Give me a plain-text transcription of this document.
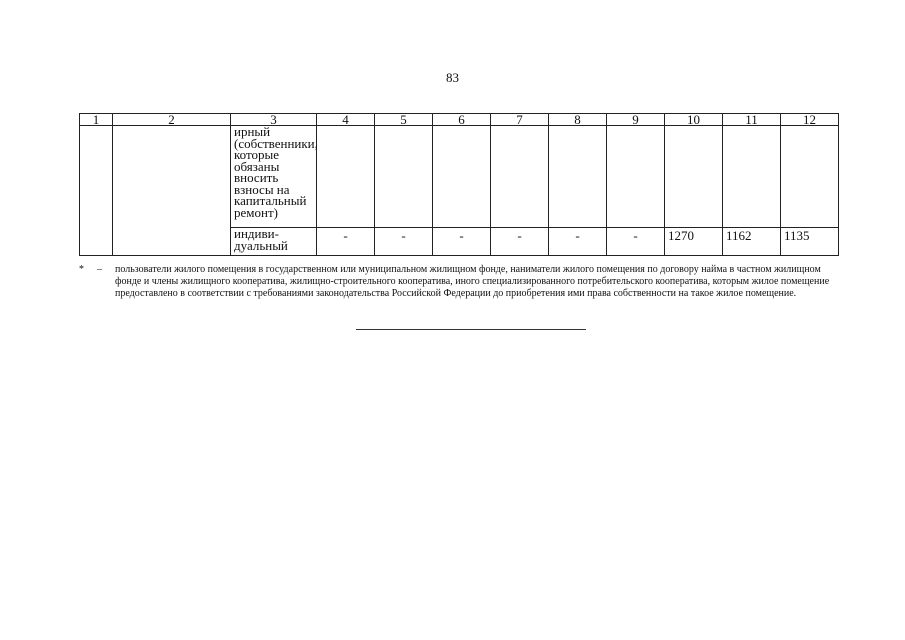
83
1	2	3	4	5	6	7	8	9	10	11	12
		ирный (собственники, которые обязаны вносить взносы на капитальный ремонт)									
		индиви-дуальный	-	-	-	-	-	-	1270	1162	1135
* – пользователи жилого помещения в государственном или муниципальном жилищном фонде, наниматели жилого помещения по договору найма в частном жилищном фонде и члены жилищного кооператива, жилищно-строительного кооператива, иного специализированного потребительского кооператива, которым жилое помещение предоставлено в соответствии с требованиями законодательства Российской Федерации до приобретения ими права собственности на такое жилое помещение.
